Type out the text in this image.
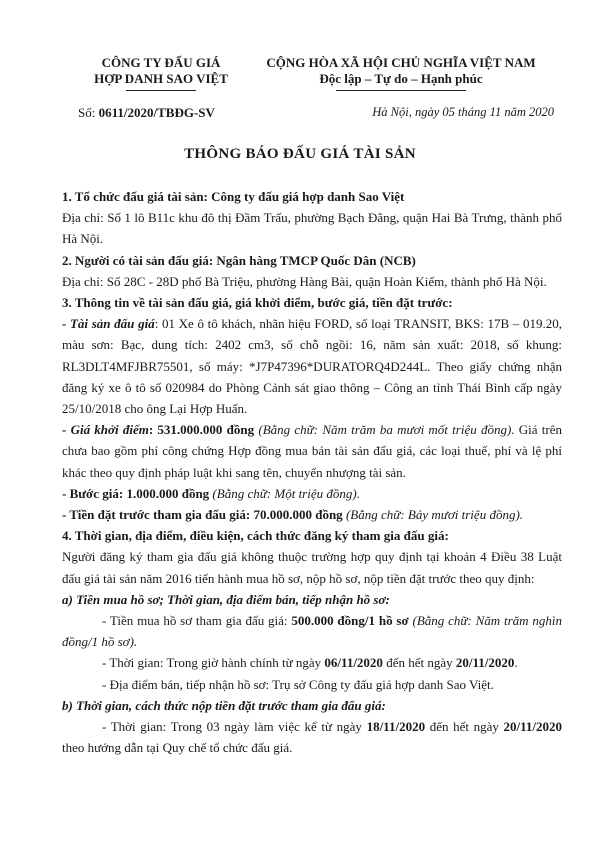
CÔNG TY ĐẤU GIÁ
HỢP DANH SAO VIỆT
CỘNG HÒA XÃ HỘI CHỦ NGHĨA VIỆT NAM
Độc lập – Tự do – Hạnh phúc
Số: 0611/2020/TBĐG-SV	Hà Nội, ngày 05 tháng 11 năm 2020
THÔNG BÁO ĐẤU GIÁ TÀI SẢN

1. Tổ chức đấu giá tài sản: Công ty đấu giá hợp danh Sao Việt

Địa chỉ: Số 1 lô B11c khu đô thị Đầm Trấu, phường Bạch Đằng, quận Hai Bà Trưng, thành phố Hà Nội.

2. Người có tài sản đấu giá: Ngân hàng TMCP Quốc Dân (NCB)

Địa chỉ: Số 28C - 28D phố Bà Triệu, phường Hàng Bài, quận Hoàn Kiếm, thành phố Hà Nội.

3. Thông tin về tài sản đấu giá, giá khởi điểm, bước giá, tiền đặt trước:

- Tài sản đấu giá: 01 Xe ô tô khách, nhãn hiệu FORD, số loại TRANSIT, BKS: 17B – 019.20, màu sơn: Bạc, dung tích: 2402 cm3, số chỗ ngồi: 16, năm sản xuất: 2018, số khung: RL3DLT4MFJBR75501, số máy: *J7P47396*DURATORQ4D244L. Theo giấy chứng nhận đăng ký xe ô tô số 020984 do Phòng Cảnh sát giao thông – Công an tỉnh Thái Bình cấp ngày 25/10/2018 cho ông Lại Hợp Huấn.

- Giá khởi điểm: 531.000.000 đồng (Bằng chữ: Năm trăm ba mươi mốt triệu đồng). Giá trên chưa bao gồm phí công chứng Hợp đồng mua bán tài sản đấu giá, các loại thuế, phí và lệ phí khác theo quy định pháp luật khi sang tên, chuyển nhượng tài sản.

- Bước giá: 1.000.000 đồng (Bằng chữ: Một triệu đồng).

- Tiền đặt trước tham gia đấu giá: 70.000.000 đồng (Bằng chữ: Bảy mươi triệu đồng).

4. Thời gian, địa điểm, điều kiện, cách thức đăng ký tham gia đấu giá:

Người đăng ký tham gia đấu giá không thuộc trường hợp quy định tại khoản 4 Điều 38 Luật đấu giá tài sản năm 2016 tiến hành mua hồ sơ, nộp hồ sơ, nộp tiền đặt trước theo quy định:

a) Tiền mua hồ sơ; Thời gian, địa điểm bán, tiếp nhận hồ sơ:

- Tiền mua hồ sơ tham gia đấu giá: 500.000 đồng/1 hồ sơ (Bằng chữ: Năm trăm nghìn đồng/1 hồ sơ).

- Thời gian: Trong giờ hành chính từ ngày 06/11/2020 đến hết ngày 20/11/2020.

- Địa điểm bán, tiếp nhận hồ sơ: Trụ sở Công ty đấu giá hợp danh Sao Việt.

b) Thời gian, cách thức nộp tiền đặt trước tham gia đấu giá:

- Thời gian: Trong 03 ngày làm việc kể từ ngày 18/11/2020 đến hết ngày 20/11/2020 theo hướng dẫn tại Quy chế tổ chức đấu giá.
